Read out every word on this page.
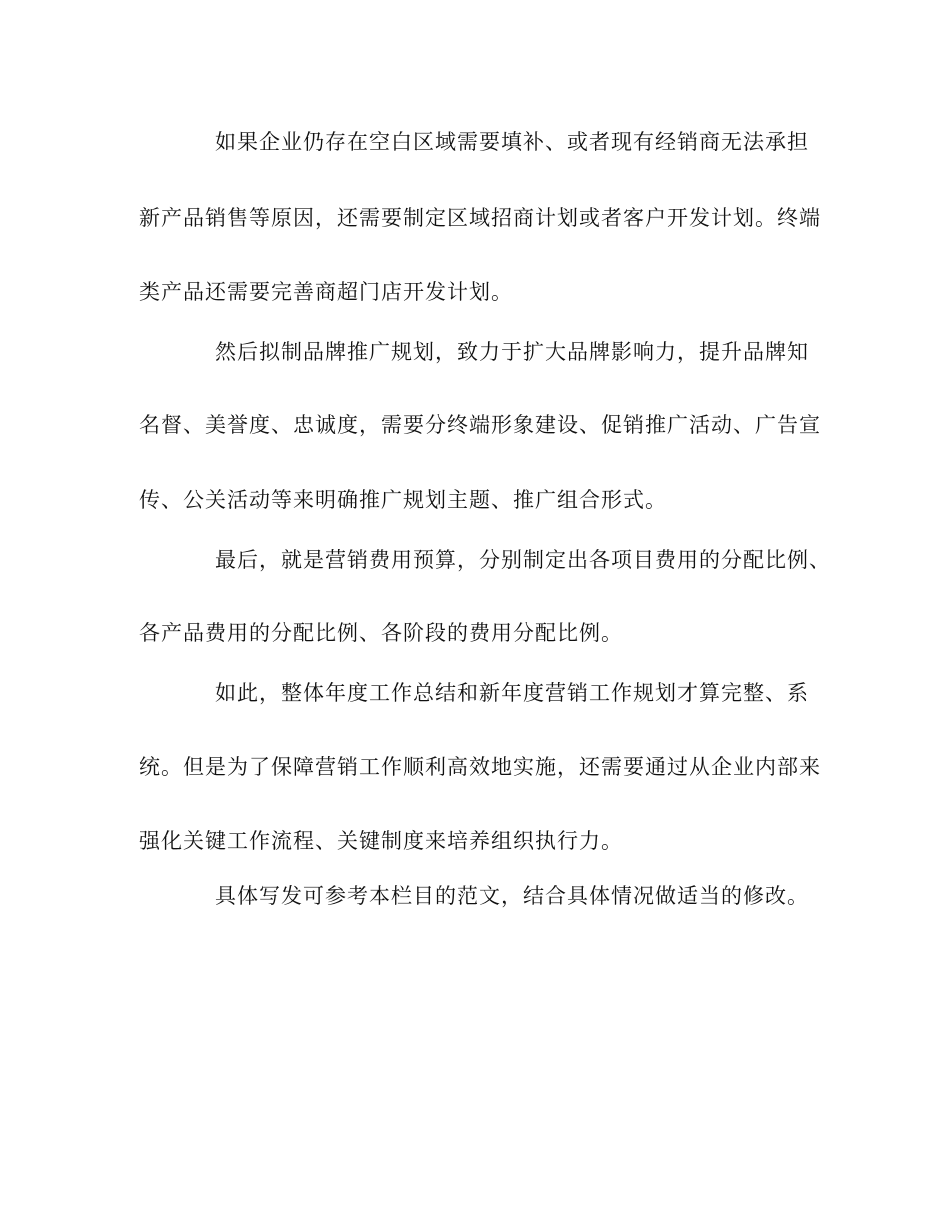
如果企业仍存在空白区域需要填补、或者现有经销商无法承担
新产品销售等原因，还需要制定区域招商计划或者客户开发计划。终端
类产品还需要完善商超门店开发计划。
然后拟制品牌推广规划，致力于扩大品牌影响力，提升品牌知
名督、美誉度、忠诚度，需要分终端形象建设、促销推广活动、广告宣
传、公关活动等来明确推广规划主题、推广组合形式。
最后，就是营销费用预算，分别制定出各项目费用的分配比例、
各产品费用的分配比例、各阶段的费用分配比例。
如此，整体年度工作总结和新年度营销工作规划才算完整、系
统。但是为了保障营销工作顺利高效地实施，还需要通过从企业内部来
强化关键工作流程、关键制度来培养组织执行力。
具体写发可参考本栏目的范文，结合具体情况做适当的修改。
